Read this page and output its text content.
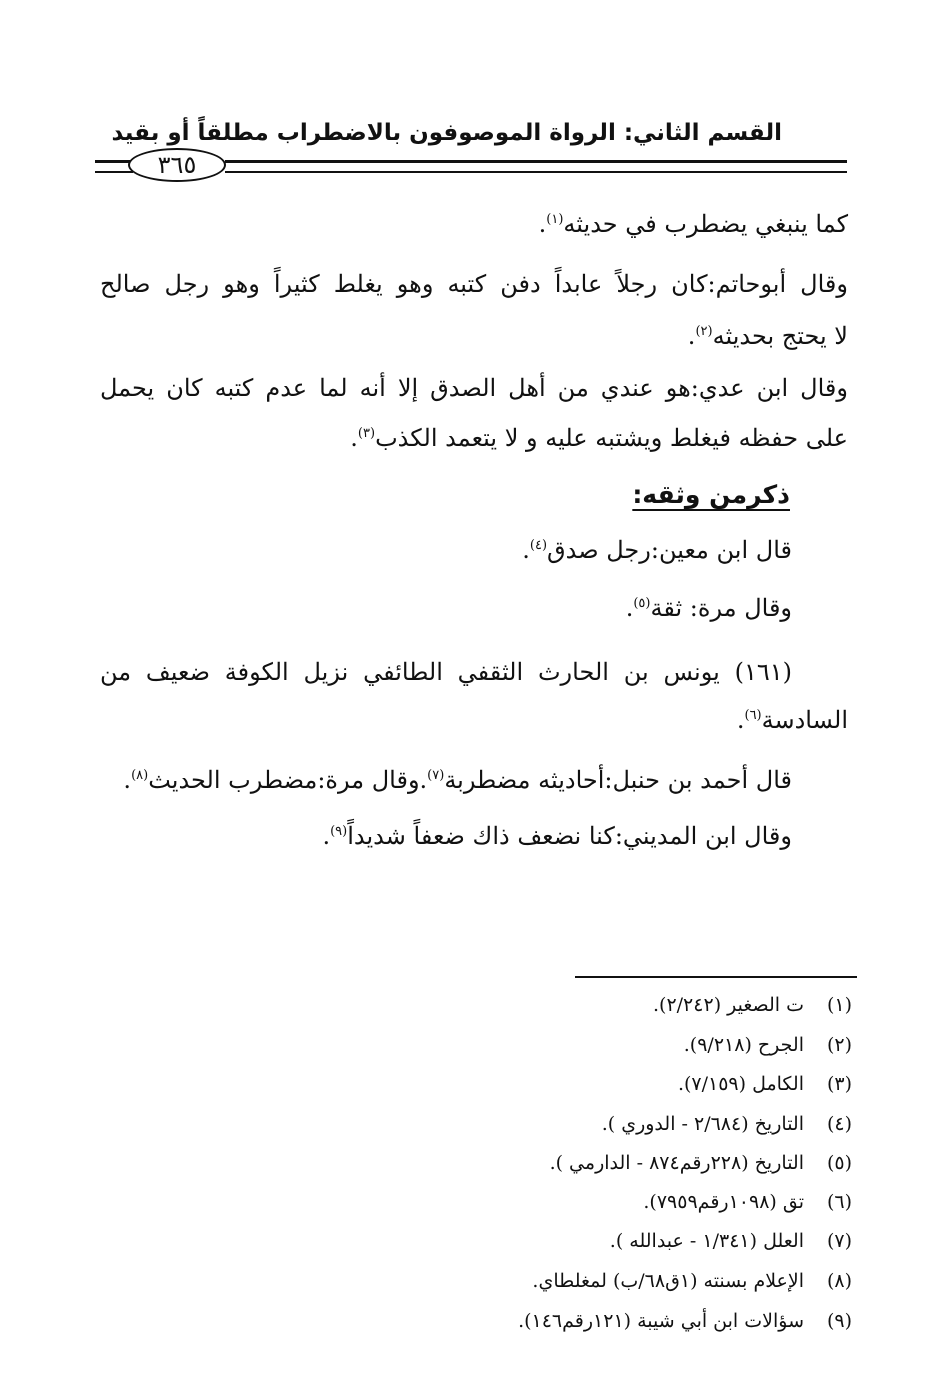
القسم الثاني: الرواة الموصوفون بالاضطراب مطلقاً أو بقيد
٣٦٥
كما ينبغي يضطرب في حديثه$^{(١)}$.
وقال أبوحاتم:كان رجلاً عابداً دفن كتبه وهو يغلط كثيراً وهو رجل صالح
لا يحتج بحديثه$^{(٢)}$.
وقال ابن عدي:هو عندي من أهل الصدق إلا أنه لما عدم كتبه كان يحمل
على حفظه فيغلط ويشتبه عليه و لا يتعمد الكذب$^{(٣)}$.
ذكرمن وثقه:
قال ابن معين:رجل صدق$^{(٤)}$.
وقال مرة: ثقة$^{(٥)}$.
(١٦١) يونس بن الحارث الثقفي الطائفي نزيل الكوفة ضعيف من
السادسة$^{(٦)}$.
قال أحمد بن حنبل:أحاديثه مضطربة$^{(٧)}$.وقال مرة:مضطرب الحديث$^{(٨)}$.
وقال ابن المديني:كنا نضعف ذاك ضعفاً شديداً$^{(٩)}$.
(١)ت الصغير (٢/٢٤٢).
(٢)الجرح (٩/٢١٨).
(٣)الكامل (٧/١٥٩).
(٤)التاريخ (٢/٦٨٤ - الدوري ).
(٥)التاريخ (٢٢٨رقم٨٧٤ - الدارمي ).
(٦)تق (١٠٩٨رقم٧٩٥٩).
(٧)العلل (١/٣٤١ - عبدالله ).
(٨)الإعلام بسنته (١ق٦٨/ب) لمغلطاي.
(٩)سؤالات ابن أبي شيبة (١٢١رقم١٤٦).
